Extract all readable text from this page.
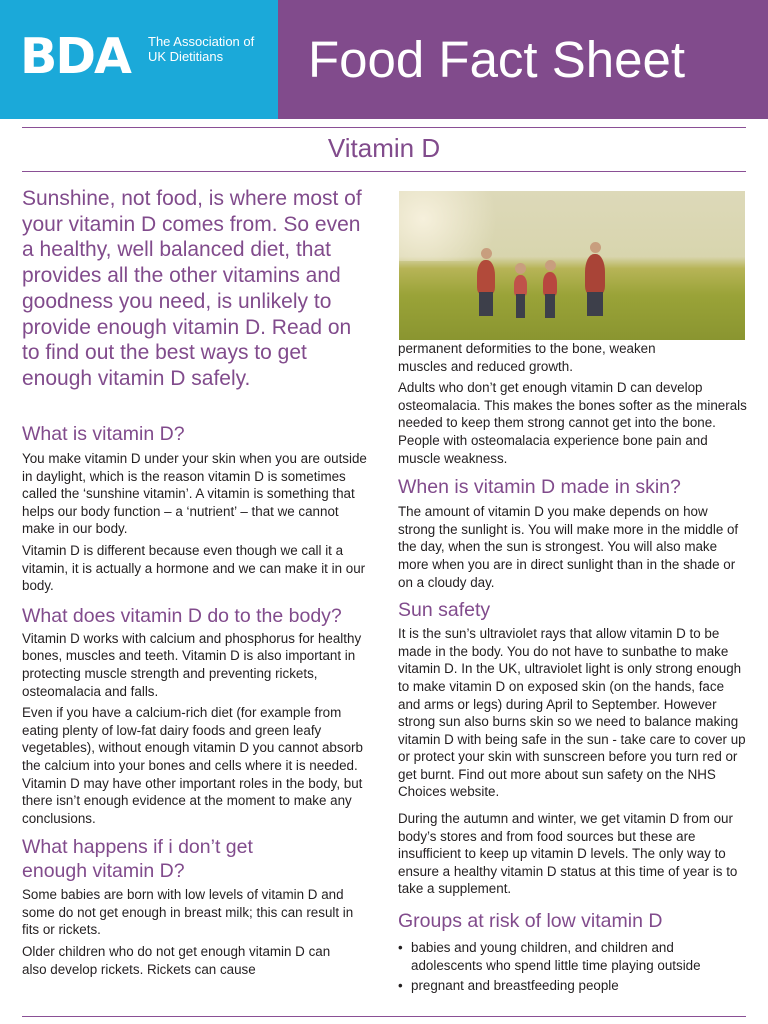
BDA The Association of UK Dietitians	Food Fact Sheet
Vitamin D
Sunshine, not food, is where most of your vitamin D comes from. So even a healthy, well balanced diet, that provides all the other vitamins and goodness you need, is unlikely to provide enough vitamin D. Read on to find out the best ways to get enough vitamin D safely.
What is vitamin D?

You make vitamin D under your skin when you are outside in daylight, which is the reason vitamin D is sometimes called the ‘sunshine vitamin’. A vitamin is something that helps our body function – a ‘nutrient’ – that we cannot make in our body.

Vitamin D is different because even though we call it a vitamin, it is actually a hormone and we can make it in our body.

What does vitamin D do to the body?

Vitamin D works with calcium and phosphorus for healthy bones, muscles and teeth. Vitamin D is also important in protecting muscle strength and preventing rickets, osteomalacia and falls.

Even if you have a calcium-rich diet (for example from eating plenty of low-fat dairy foods and green leafy vegetables), without enough vitamin D you cannot absorb the calcium into your bones and cells where it is needed. Vitamin D may have other important roles in the body, but there isn’t enough evidence at the moment to make any conclusions.

What happens if i don’t get enough vitamin D?

Some babies are born with low levels of vitamin D and some do not get enough in breast milk; this can result in fits or rickets.

Older children who do not get enough vitamin D can also develop rickets. Rickets can cause

permanent deformities to the bone, weaken muscles and reduced growth.

Adults who don’t get enough vitamin D can develop osteomalacia. This makes the bones softer as the minerals needed to keep them strong cannot get into the bone. People with osteomalacia experience bone pain and muscle weakness.

When is vitamin D made in skin?

The amount of vitamin D you make depends on how strong the sunlight is. You will make more in the middle of the day, when the sun is strongest. You will also make more when you are in direct sunlight than in the shade or on a cloudy day.

Sun safety

It is the sun’s ultraviolet rays that allow vitamin D to be made in the body. You do not have to sunbathe to make vitamin D. In the UK, ultraviolet light is only strong enough to make vitamin D on exposed skin (on the hands, face and arms or legs) during April to September. However strong sun also burns skin so we need to balance making vitamin D with being safe in the sun - take care to cover up or protect your skin with sunscreen before you turn red or get burnt. Find out more about sun safety on the NHS Choices website.

During the autumn and winter, we get vitamin D from our body’s stores and from food sources but these are insufficient to keep up vitamin D levels. The only way to ensure a healthy vitamin D status at this time of year is to take a supplement.

Groups at risk of low vitamin D
• babies and young children, and children and adolescents who spend little time playing outside
• pregnant and breastfeeding people
